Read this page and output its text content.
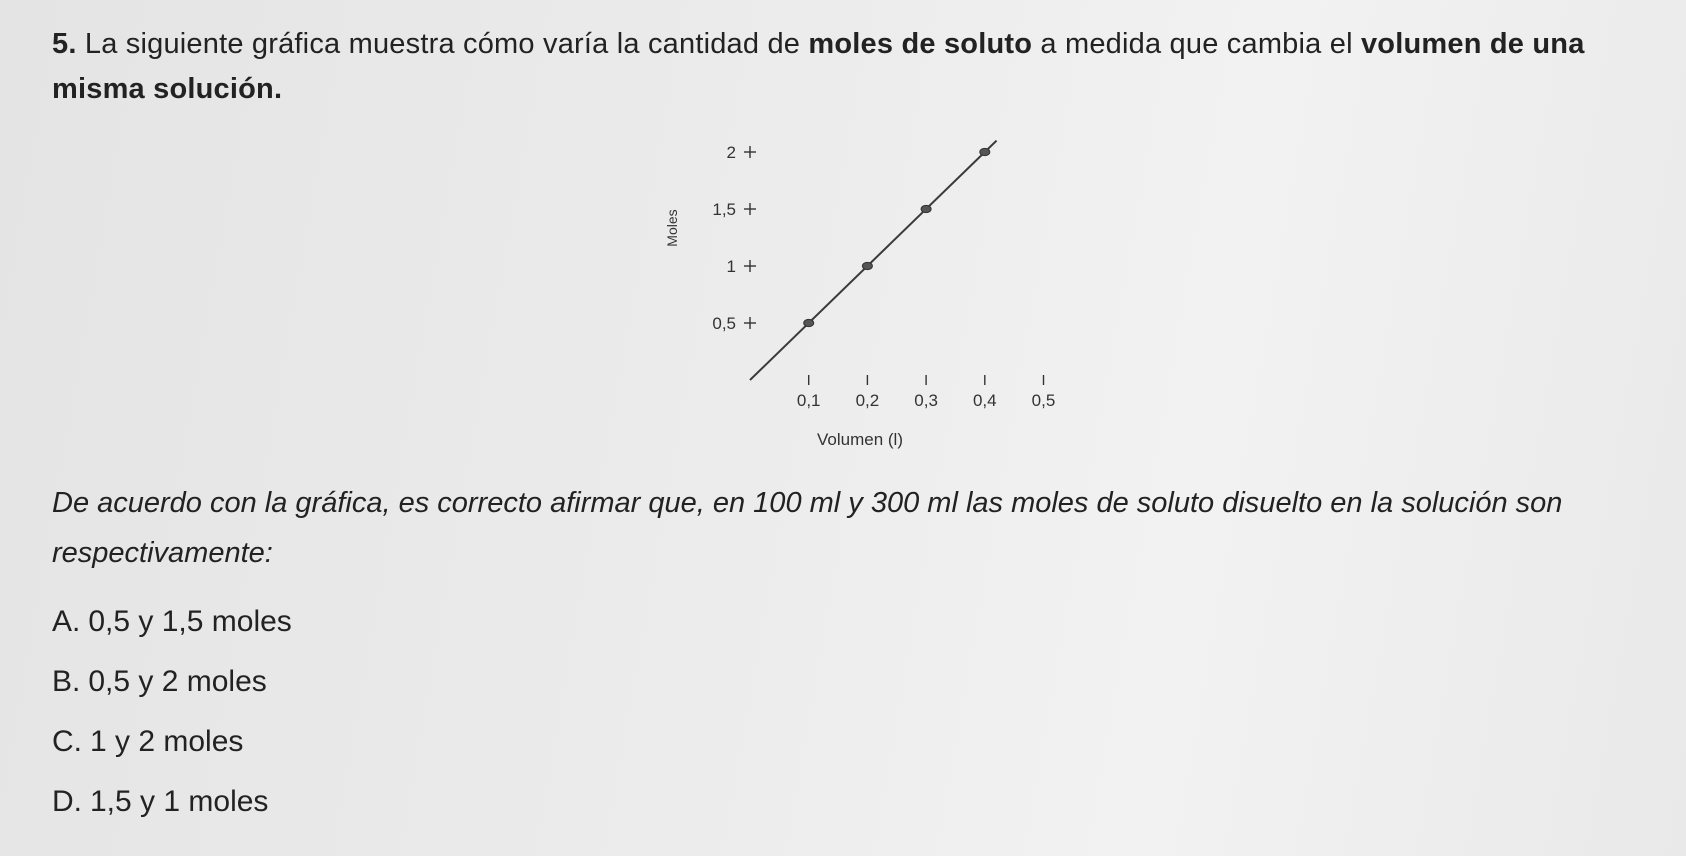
5. La siguiente gráfica muestra cómo varía la cantidad de moles de soluto a medida que cambia el volumen de una misma solución.
Moles
Volumen (l)
0,1 0,2 0,3 0,4 0,5
0,5
1
1,5
2
De acuerdo con la gráfica, es correcto afirmar que, en 100 ml y 300 ml las moles de soluto disuelto en la solución son respectivamente:
A. 0,5 y 1,5 moles
B. 0,5 y 2 moles
C. 1 y 2 moles
D. 1,5 y 1 moles
